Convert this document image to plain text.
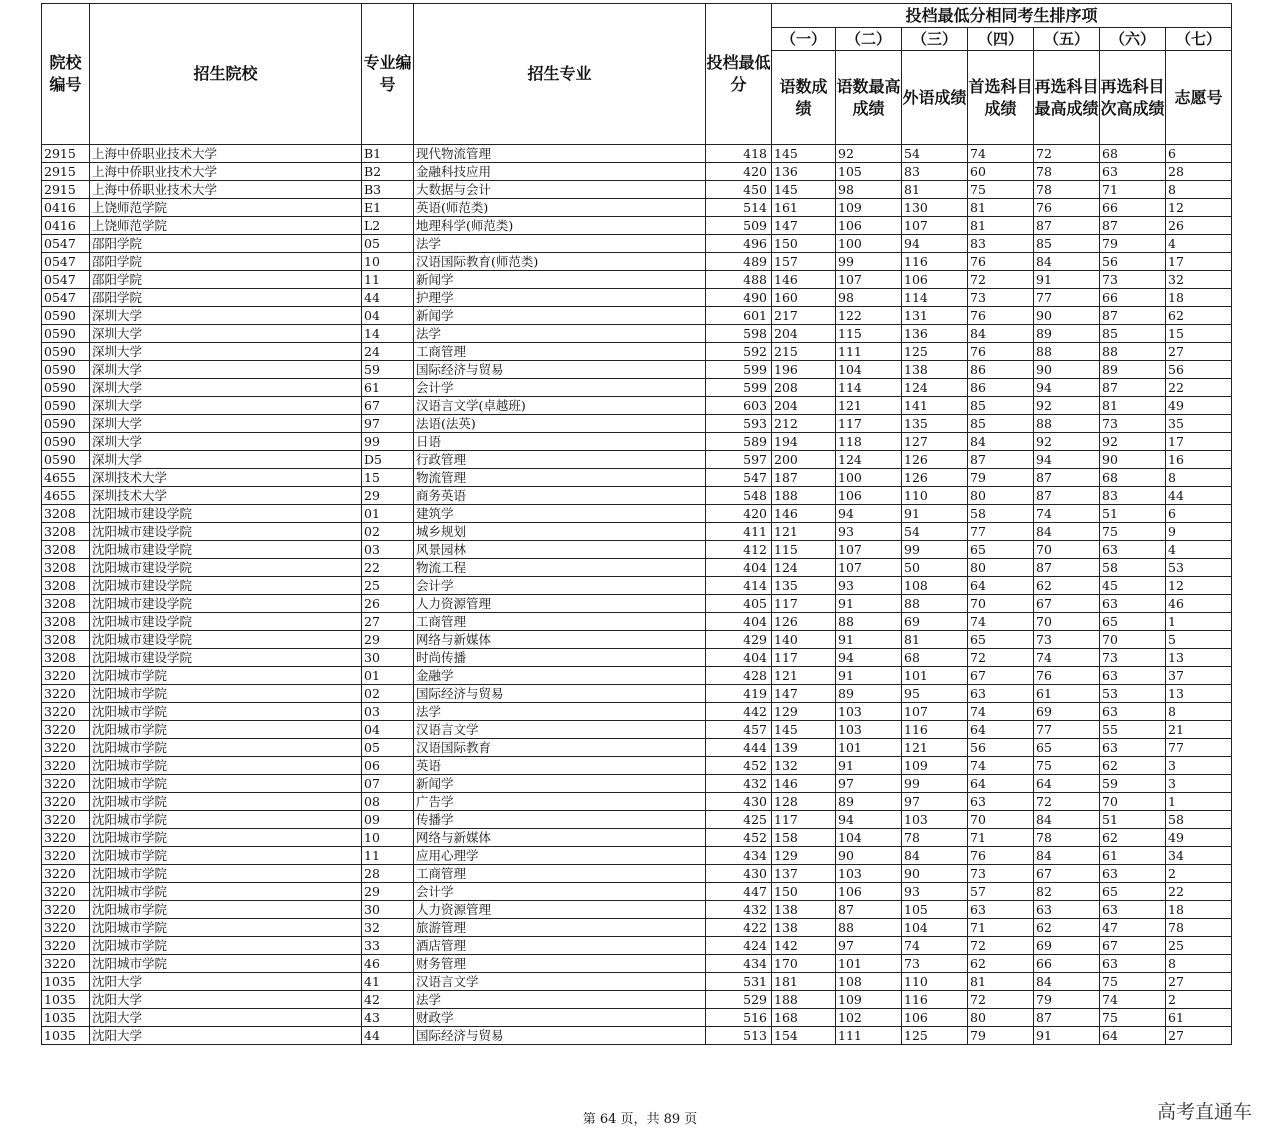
院校编号	招生院校	专业编号	招生专业	投档最低分	投档最低分相同考生排序项						
					（一）	（二）	（三）	（四）	（五）	（六）	（七）
					语数成绩	语数最高成绩	外语成绩	首选科目成绩	再选科目最高成绩	再选科目次高成绩	志愿号
2915	上海中侨职业技术大学	B1	现代物流管理	418	145	92	54	74	72	68	6
2915	上海中侨职业技术大学	B2	金融科技应用	420	136	105	83	60	78	63	28
2915	上海中侨职业技术大学	B3	大数据与会计	450	145	98	81	75	78	71	8
0416	上饶师范学院	E1	英语(师范类)	514	161	109	130	81	76	66	12
0416	上饶师范学院	L2	地理科学(师范类)	509	147	106	107	81	87	87	26
0547	邵阳学院	05	法学	496	150	100	94	83	85	79	4
0547	邵阳学院	10	汉语国际教育(师范类)	489	157	99	116	76	84	56	17
0547	邵阳学院	11	新闻学	488	146	107	106	72	91	73	32
0547	邵阳学院	44	护理学	490	160	98	114	73	77	66	18
0590	深圳大学	04	新闻学	601	217	122	131	76	90	87	62
0590	深圳大学	14	法学	598	204	115	136	84	89	85	15
0590	深圳大学	24	工商管理	592	215	111	125	76	88	88	27
0590	深圳大学	59	国际经济与贸易	599	196	104	138	86	90	89	56
0590	深圳大学	61	会计学	599	208	114	124	86	94	87	22
0590	深圳大学	67	汉语言文学(卓越班)	603	204	121	141	85	92	81	49
0590	深圳大学	97	法语(法英)	593	212	117	135	85	88	73	35
0590	深圳大学	99	日语	589	194	118	127	84	92	92	17
0590	深圳大学	D5	行政管理	597	200	124	126	87	94	90	16
4655	深圳技术大学	15	物流管理	547	187	100	126	79	87	68	8
4655	深圳技术大学	29	商务英语	548	188	106	110	80	87	83	44
3208	沈阳城市建设学院	01	建筑学	420	146	94	91	58	74	51	6
3208	沈阳城市建设学院	02	城乡规划	411	121	93	54	77	84	75	9
3208	沈阳城市建设学院	03	风景园林	412	115	107	99	65	70	63	4
3208	沈阳城市建设学院	22	物流工程	404	124	107	50	80	87	58	53
3208	沈阳城市建设学院	25	会计学	414	135	93	108	64	62	45	12
3208	沈阳城市建设学院	26	人力资源管理	405	117	91	88	70	67	63	46
3208	沈阳城市建设学院	27	工商管理	404	126	88	69	74	70	65	1
3208	沈阳城市建设学院	29	网络与新媒体	429	140	91	81	65	73	70	5
3208	沈阳城市建设学院	30	时尚传播	404	117	94	68	72	74	73	13
3220	沈阳城市学院	01	金融学	428	121	91	101	67	76	63	37
3220	沈阳城市学院	02	国际经济与贸易	419	147	89	95	63	61	53	13
3220	沈阳城市学院	03	法学	442	129	103	107	74	69	63	8
3220	沈阳城市学院	04	汉语言文学	457	145	103	116	64	77	55	21
3220	沈阳城市学院	05	汉语国际教育	444	139	101	121	56	65	63	77
3220	沈阳城市学院	06	英语	452	132	91	109	74	75	62	3
3220	沈阳城市学院	07	新闻学	432	146	97	99	64	64	59	3
3220	沈阳城市学院	08	广告学	430	128	89	97	63	72	70	1
3220	沈阳城市学院	09	传播学	425	117	94	103	70	84	51	58
3220	沈阳城市学院	10	网络与新媒体	452	158	104	78	71	78	62	49
3220	沈阳城市学院	11	应用心理学	434	129	90	84	76	84	61	34
3220	沈阳城市学院	28	工商管理	430	137	103	90	73	67	63	2
3220	沈阳城市学院	29	会计学	447	150	106	93	57	82	65	22
3220	沈阳城市学院	30	人力资源管理	432	138	87	105	63	63	63	18
3220	沈阳城市学院	32	旅游管理	422	138	88	104	71	62	47	78
3220	沈阳城市学院	33	酒店管理	424	142	97	74	72	69	67	25
3220	沈阳城市学院	46	财务管理	434	170	101	73	62	66	63	8
1035	沈阳大学	41	汉语言文学	531	181	108	110	81	84	75	27
1035	沈阳大学	42	法学	529	188	109	116	72	79	74	2
1035	沈阳大学	43	财政学	516	168	102	106	80	87	75	61
1035	沈阳大学	44	国际经济与贸易	513	154	111	125	79	91	64	27
第 64 页，共 89 页	高考直通车
